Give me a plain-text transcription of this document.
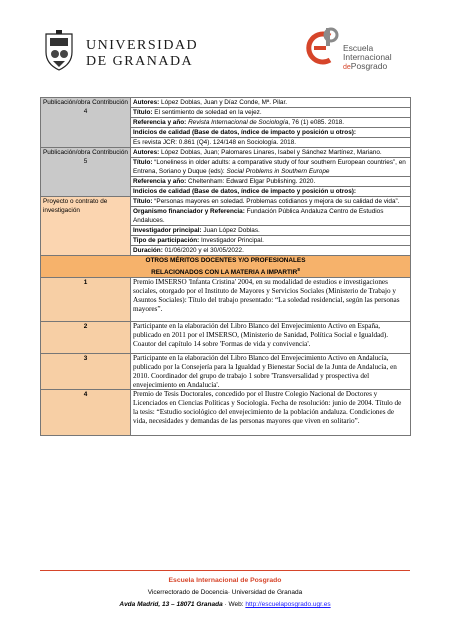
UNIVERSIDAD
DE GRANADA
Escuela
Internacional
dePosgrado
Publicación/obra Contribución 4	Autores: López Doblas, Juan y Díaz Conde, Mª. Pilar.
	Título: El sentimiento de soledad en la vejez.
	Referencia y año: Revista Internacional de Sociología, 76 (1) e085. 2018.
	Indicios de calidad (Base de datos, índice de impacto y posición u otros):
	Es revista JCR: 0.861 (Q4). 124/148 en Sociología. 2018.
Publicación/obra Contribución 5	Autores: López Doblas, Juan; Palomares Linares, Isabel y Sánchez Martínez, Mariano.
	Título: “Loneliness in older adults: a comparative study of four southern European countries”, en Entrena, Soriano y Duque (eds): Social Problems in Southern Europe
	Referencia y año: Cheltenham: Edward Elgar Publishing. 2020.
	Indicios de calidad (Base de datos, índice de impacto y posición u otros):
Proyecto o contrato de investigación	Título: “Personas mayores en soledad. Problemas cotidianos y mejora de su calidad de vida”.
	Organismo financiador y Referencia: Fundación Pública Andaluza Centro de Estudios Andaluces.
	Investigador principal: Juan López Doblas.
	Tipo de participación: Investigador Principal.
	Duración: 01/06/2020 y el 30/05/2022.

OTROS MÉRITOS DOCENTES Y/O PROFESIONALES
RELACIONADOS CON LA MATERIA A IMPARTIR$^8$

1	Premio IMSERSO 'Infanta Cristina' 2004, en su modalidad de estudios e investigaciones sociales, otorgado por el Instituto de Mayores y Servicios Sociales (Ministerio de Trabajo y Asuntos Sociales): Título del trabajo presentado: “La soledad residencial, según las personas mayores”.
2	Participante en la elaboración del Libro Blanco del Envejecimiento Activo en España, publicado en 2011 por el IMSERSO, (Ministerio de Sanidad, Política Social e Igualdad). Coautor del capítulo 14 sobre 'Formas de vida y convivencia'.
3	Participante en la elaboración del Libro Blanco del Envejecimiento Activo en Andalucía, publicado por la Consejería para la Igualdad y Bienestar Social de la Junta de Andalucía, en 2010. Coordinador del grupo de trabajo 1 sobre 'Transversalidad y prospectiva del envejecimiento en Andalucía'.
4	Premio de Tesis Doctorales, concedido por el Ilustre Colegio Nacional de Doctores y Licenciados en Ciencias Políticas y Sociología. Fecha de resolución: junio de 2004. Título de la tesis: “Estudio sociológico del envejecimiento de la población andaluza. Condiciones de vida, necesidades y demandas de las personas mayores que viven en solitario”.
Escuela Internacional de Posgrado
Vicerrectorado de Docencia· Universidad de Granada
Avda Madrid, 13 – 18071 Granada · Web: http://escuelaposgrado.ugr.es
